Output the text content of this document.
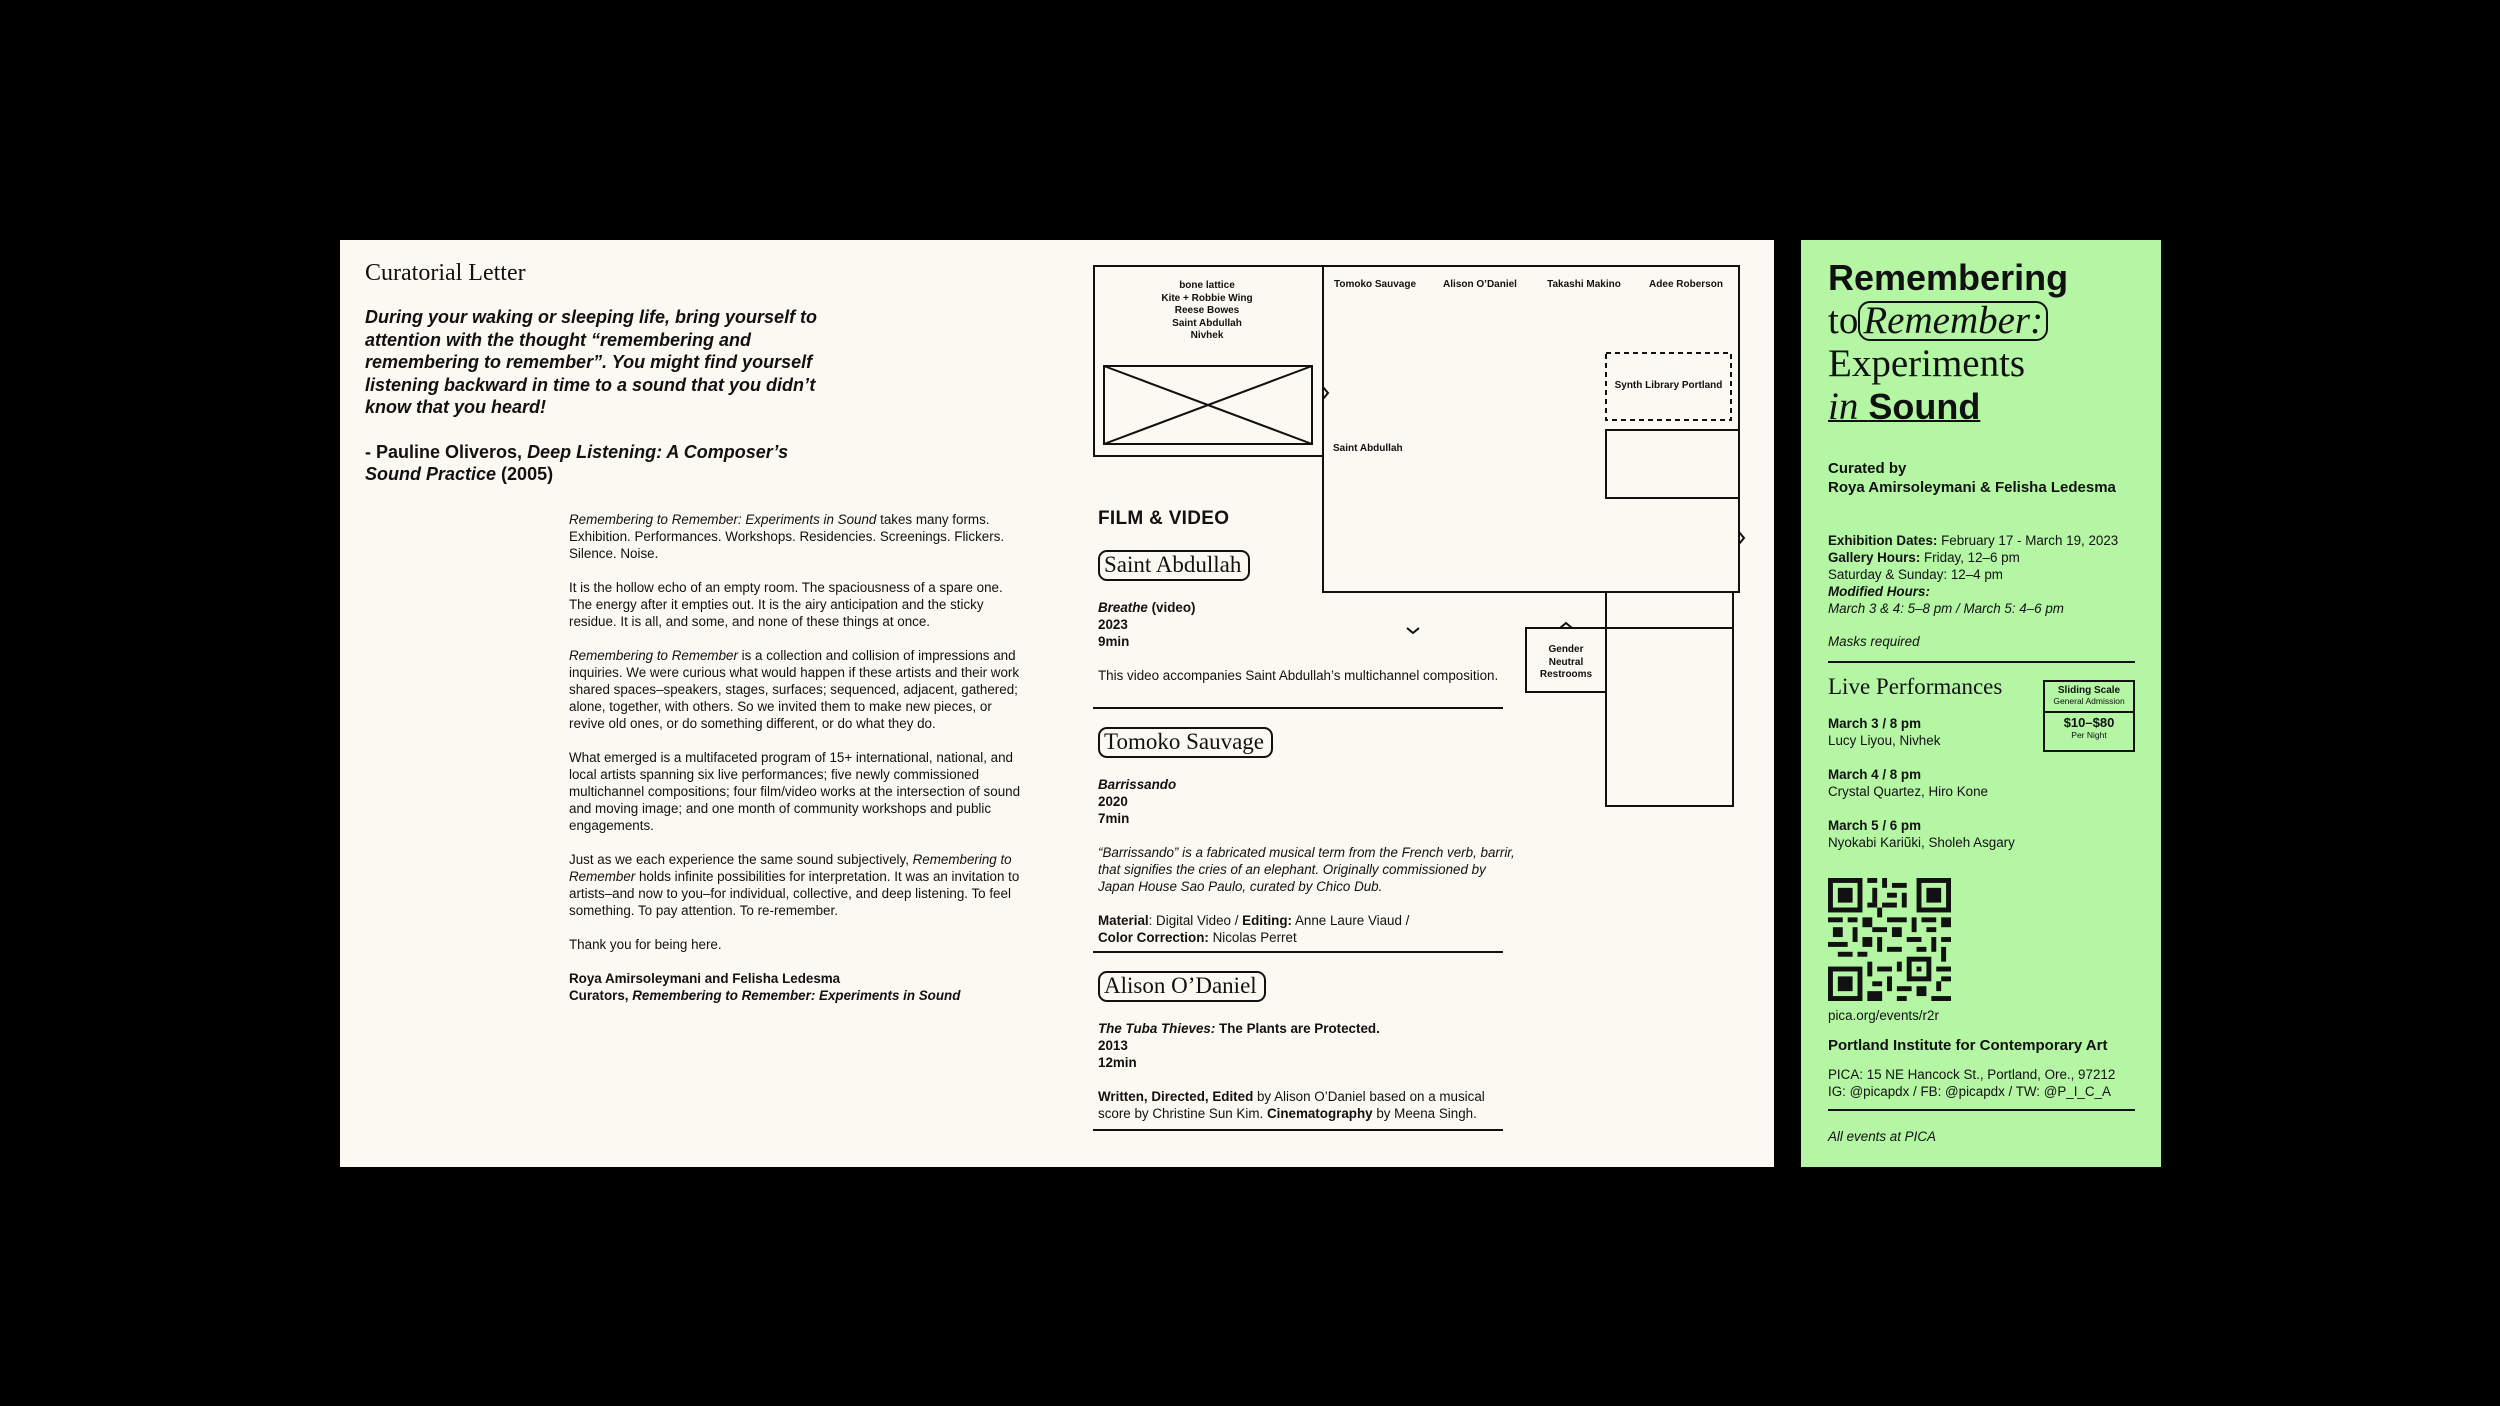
Curatorial Letter
During your waking or sleeping life, bring yourself to attention with the thought “remembering and remembering to remember”. You might find yourself listening backward in time to a sound that you didn’t know that you heard!
- Pauline Oliveros, Deep Listening: A Composer’s Sound Practice (2005)

Remembering to Remember: Experiments in Sound takes many forms. Exhibition. Performances. Workshops. Residencies. Screenings. Flickers. Silence. Noise.

It is the hollow echo of an empty room. The spaciousness of a spare one. The energy after it empties out. It is the airy anticipation and the sticky residue. It is all, and some, and none of these things at once.

Remembering to Remember is a collection and collision of impressions and inquiries. We were curious what would happen if these artists and their work shared spaces–speakers, stages, surfaces; sequenced, adjacent, gathered; alone, together, with others. So we invited them to make new pieces, or revive old ones, or do something different, or do what they do.

What emerged is a multifaceted program of 15+ international, national, and local artists spanning six live performances; five newly commissioned multichannel compositions; four film/video works at the intersection of sound and moving image; and one month of community workshops and public engagements.

Just as we each experience the same sound subjectively, Remembering to Remember holds infinite possibilities for interpretation. It was an invitation to artists–and now to you–for individual, collective, and deep listening. To feel something. To pay attention. To re-remember.

Thank you for being here.

Roya Amirsoleymani and Felisha Ledesma

Curators, Remembering to Remember: Experiments in Sound

FILM & VIDEO
Saint Abdullah
Breathe (video)
2023
9min
This video accompanies Saint Abdullah’s multichannel composition.
Tomoko Sauvage
Barrissando
2020
7min
“Barrissando” is a fabricated musical term from the French verb, barrir, that signifies the cries of an elephant. Originally commissioned by Japan House Sao Paulo, curated by Chico Dub.
Material: Digital Video / Editing: Anne Laure Viaud /
Color Correction: Nicolas Perret
Alison O’Daniel
The Tuba Thieves: The Plants are Protected.
2013
12min
Written, Directed, Edited by Alison O’Daniel based on a musical score by Christine Sun Kim. Cinematography by Meena Singh.
bone lattice
Kite + Robbie Wing
Reese Bowes
Saint Abdullah
Nivhek
Tomoko Sauvage	Alison O’Daniel	Takashi Makino	Adee Roberson
Synth Library Portland
Saint Abdullah
Gender
Neutral
Restrooms
Remembering
to Remember:
Experiments
in Sound
Curated by
Roya Amirsoleymani & Felisha Ledesma
Exhibition Dates: February 17 - March 19, 2023
Gallery Hours: Friday, 12–6 pm
Saturday & Sunday: 12–4 pm
Modified Hours:
March 3 & 4: 5–8 pm / March 5: 4–6 pm
Masks required
Live Performances	Sliding Scale
General Admission
$10–$80
Per Night
March 3 / 8 pm
Lucy Liyou, Nivhek
March 4 / 8 pm
Crystal Quartez, Hiro Kone
March 5 / 6 pm
Nyokabi Kariũki, Sholeh Asgary
pica.org/events/r2r
Portland Institute for Contemporary Art
PICA: 15 NE Hancock St., Portland, Ore., 97212
IG: @picapdx / FB: @picapdx / TW: @P_I_C_A
All events at PICA
